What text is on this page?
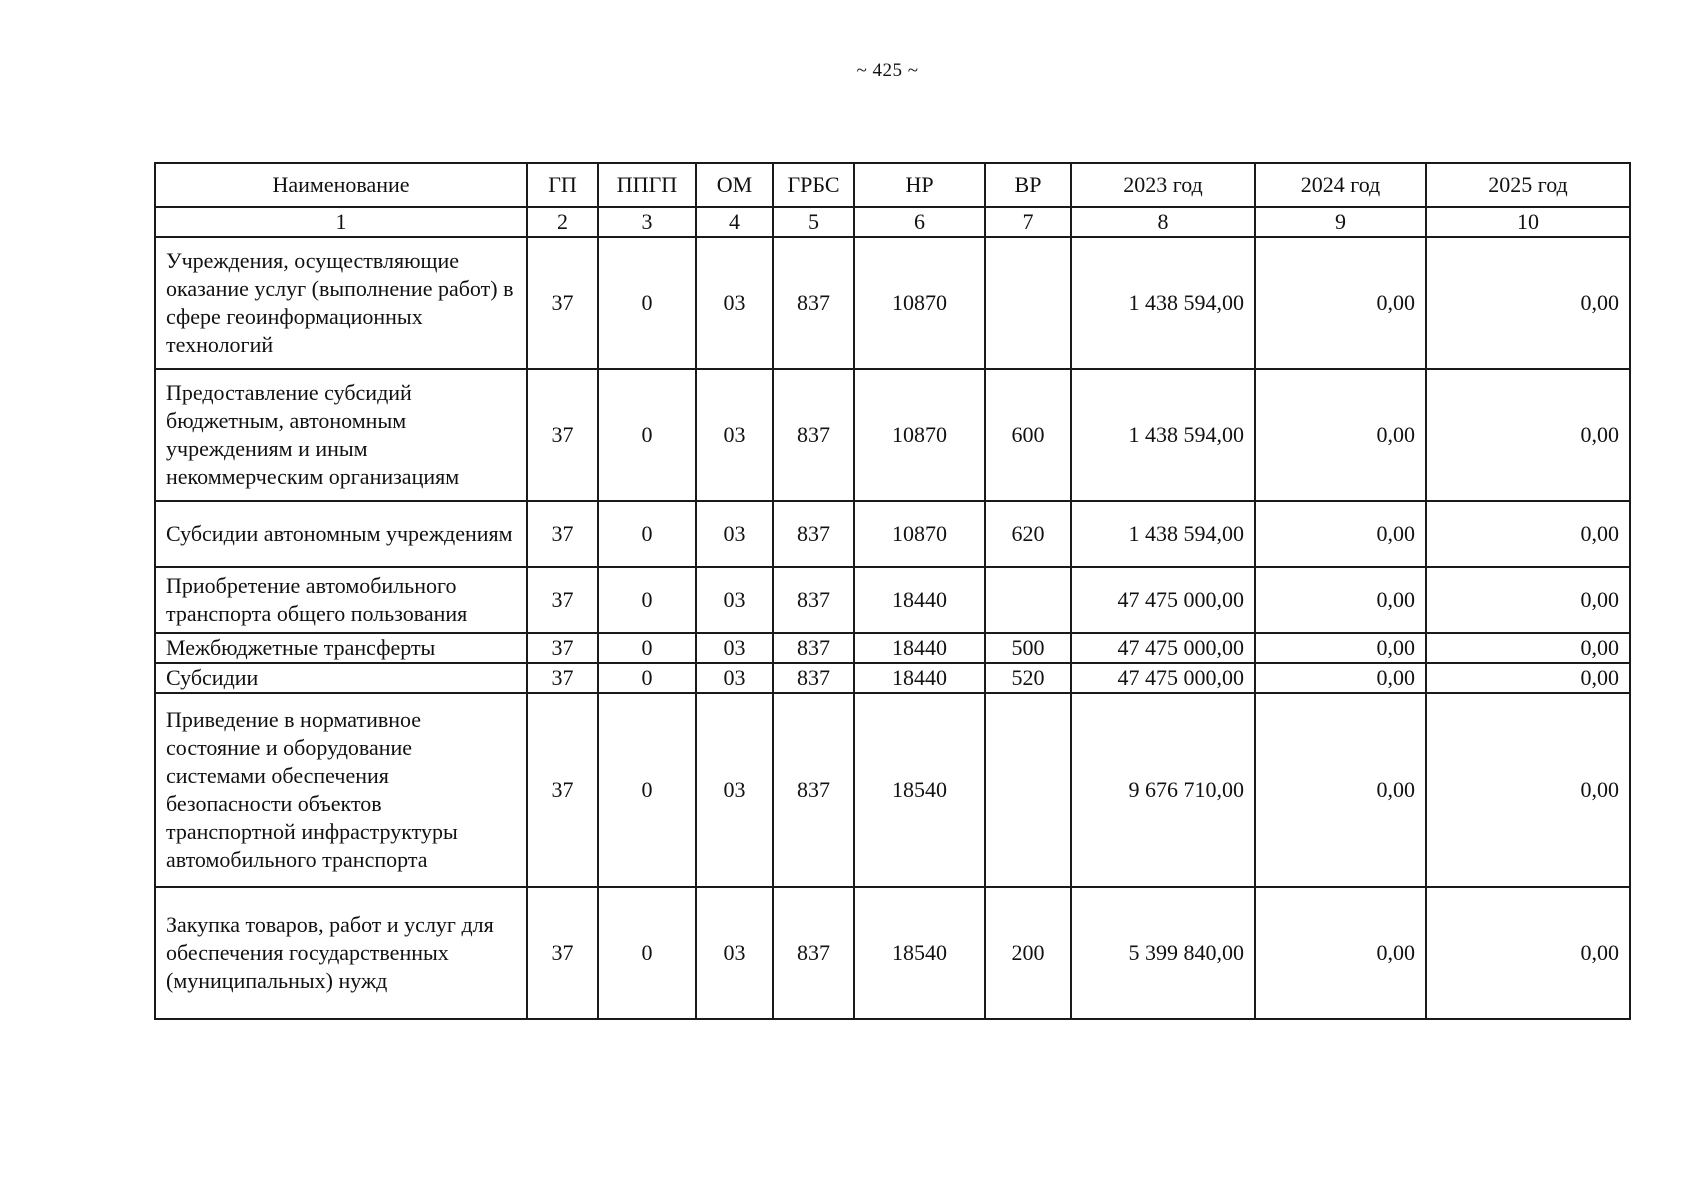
~ 425 ~
Наименование	ГП	ППГП	ОМ	ГРБС	НР	ВР	2023 год	2024 год	2025 год
1	2	3	4	5	6	7	8	9	10
Учреждения, осуществляющие оказание услуг (выполнение работ) в сфере геоинформационных технологий	37	0	03	837	10870		1 438 594,00	0,00	0,00
Предоставление субсидий бюджетным, автономным учреждениям и иным некоммерческим организациям	37	0	03	837	10870	600	1 438 594,00	0,00	0,00
Субсидии автономным учреждениям	37	0	03	837	10870	620	1 438 594,00	0,00	0,00
Приобретение автомобильного транспорта общего пользования	37	0	03	837	18440		47 475 000,00	0,00	0,00
Межбюджетные трансферты	37	0	03	837	18440	500	47 475 000,00	0,00	0,00
Субсидии	37	0	03	837	18440	520	47 475 000,00	0,00	0,00
Приведение в нормативное состояние и оборудование системами обеспечения безопасности объектов транспортной инфраструктуры автомобильного транспорта	37	0	03	837	18540		9 676 710,00	0,00	0,00
Закупка товаров, работ и услуг для обеспечения государственных (муниципальных) нужд	37	0	03	837	18540	200	5 399 840,00	0,00	0,00
